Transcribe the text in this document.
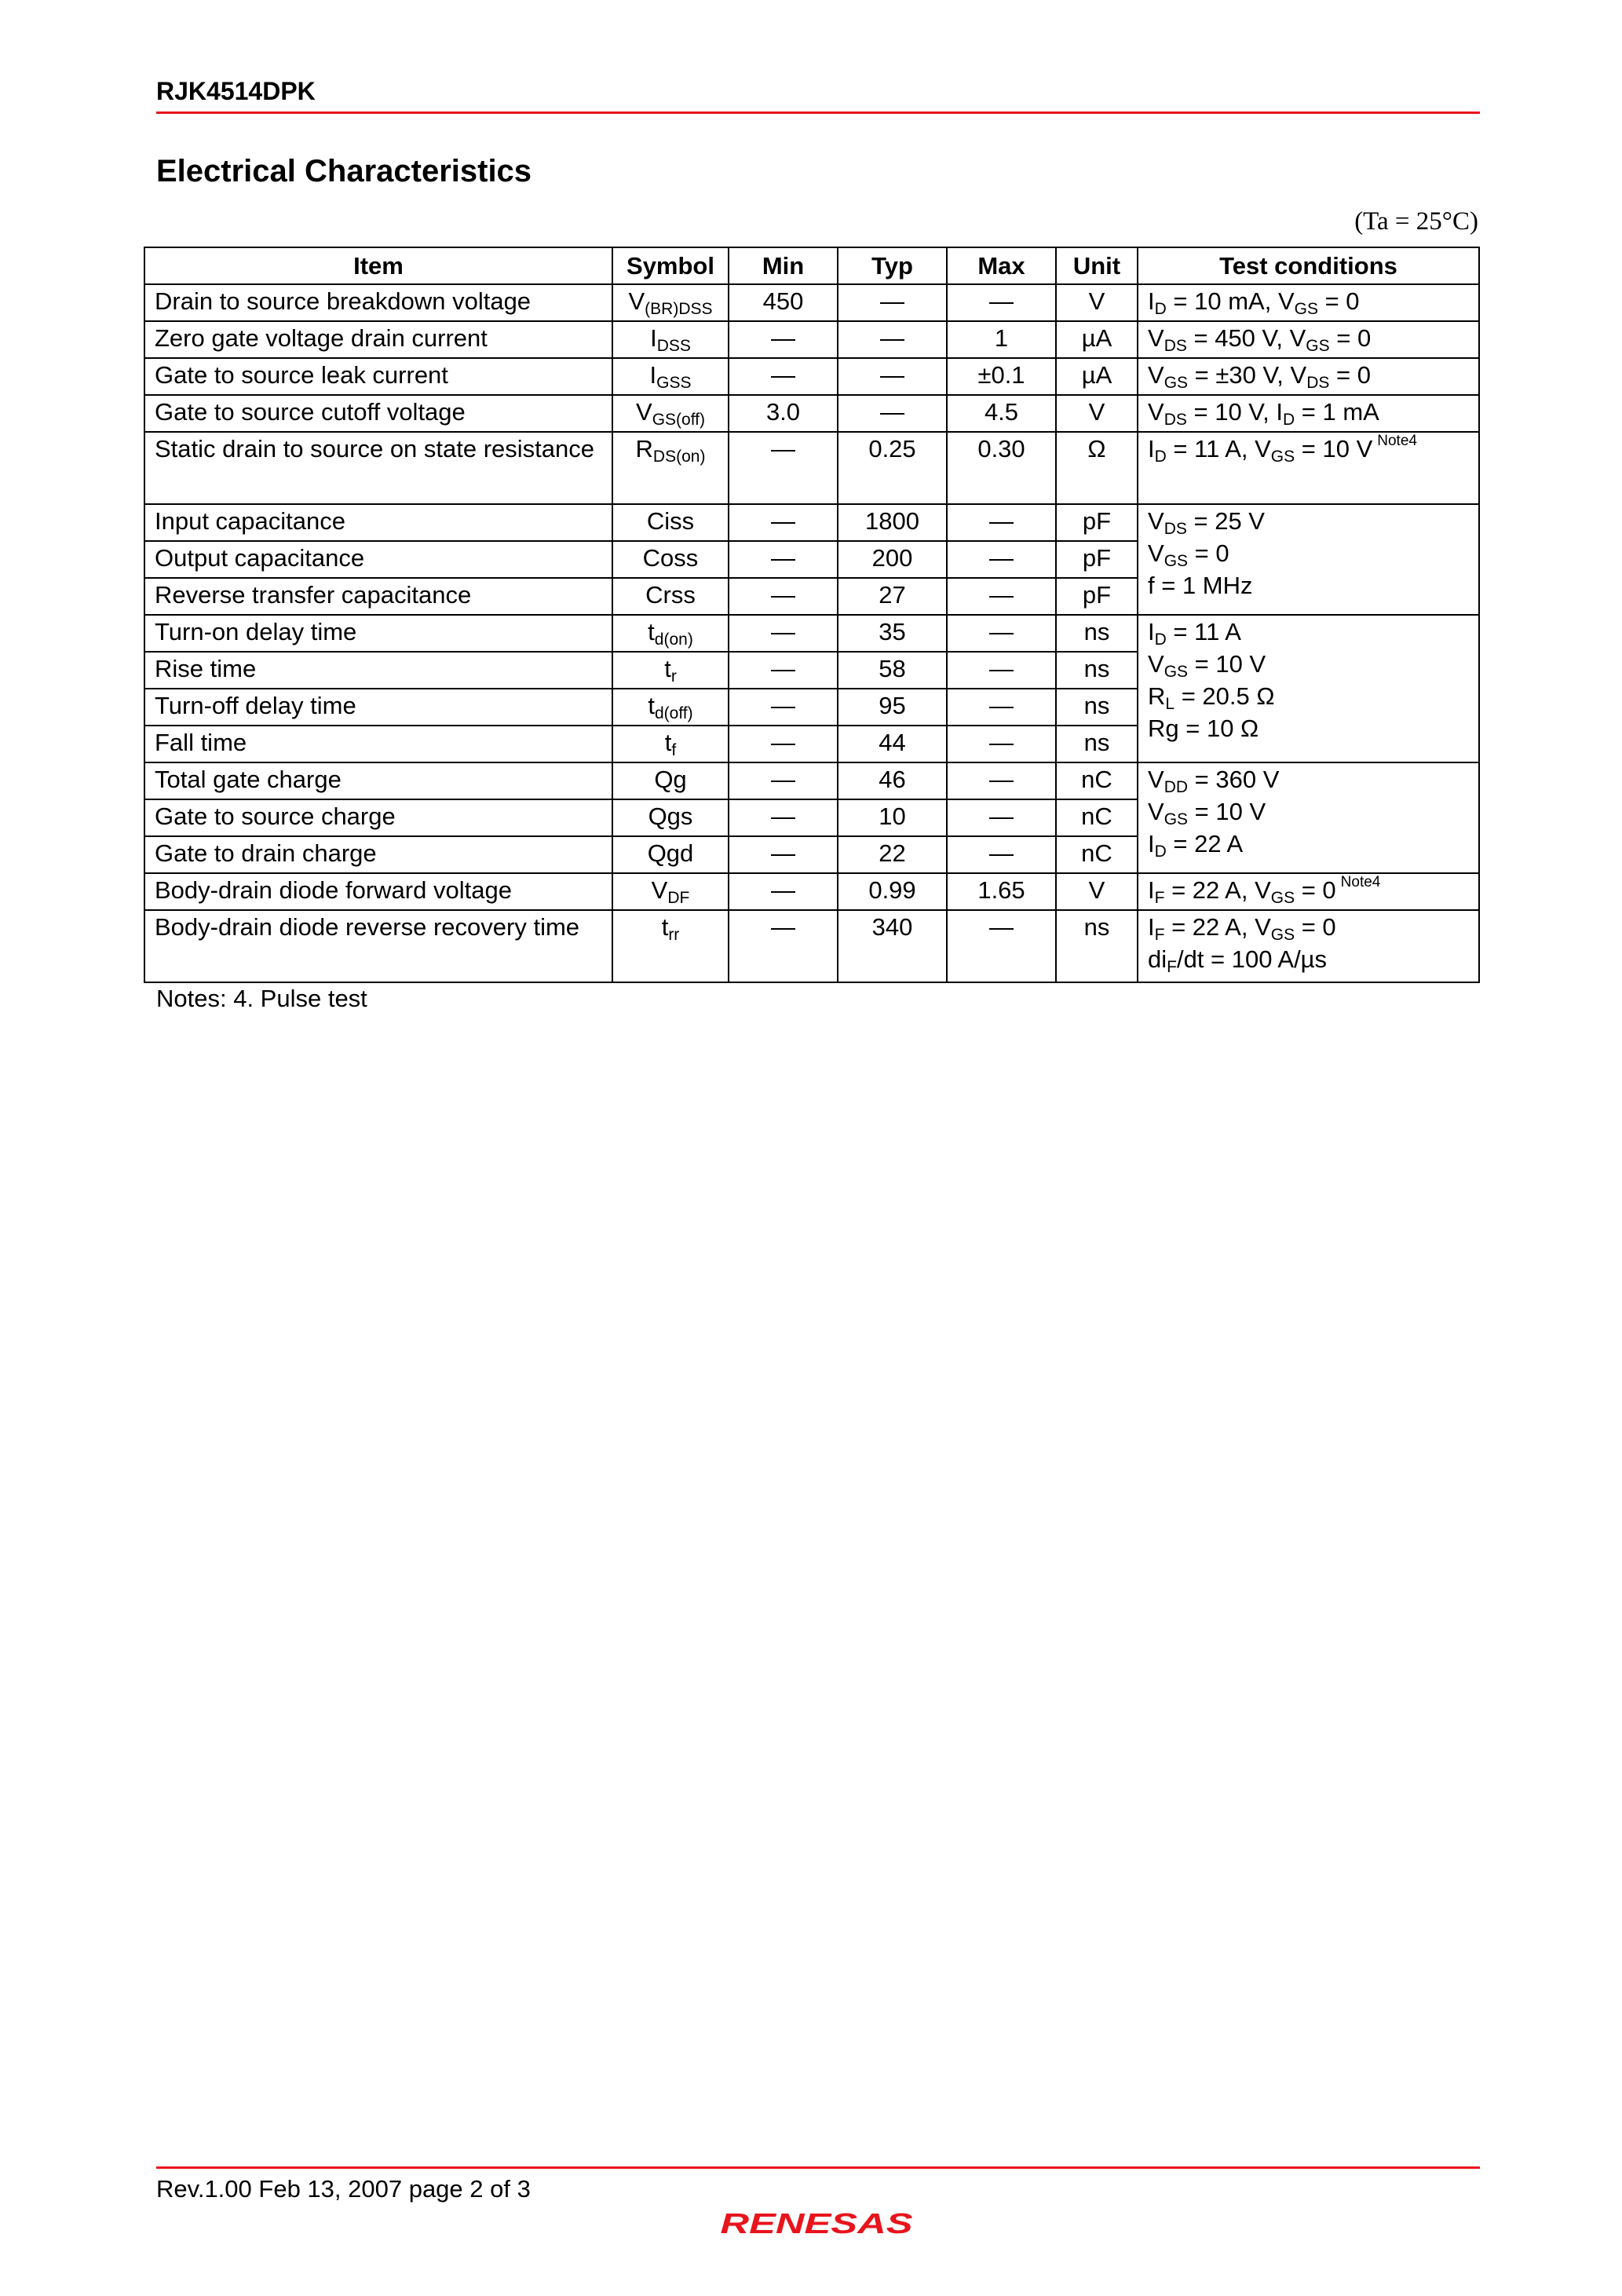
RJK4514DPK
Electrical Characteristics
(Ta = 25°C)
Item	Symbol	Min	Typ	Max	Unit	Test conditions
Drain to source breakdown voltage	$V_{(BR)DSS}$	450	—	—	V	$I_D = 10$ mA, $V_{GS} = 0$
Zero gate voltage drain current	$I_{DSS}$	—	—	1	µA	$V_{DS} = 450$ V, $V_{GS} = 0$
Gate to source leak current	$I_{GSS}$	—	—	±0.1	µA	$V_{GS} = \pm 30$ V, $V_{DS} = 0$
Gate to source cutoff voltage	$V_{GS(off)}$	3.0	—	4.5	V	$V_{DS} = 10$ V, $I_D = 1$ mA
Static drain to source on state resistance	$R_{DS(on)}$	—	0.25	0.30	Ω	$I_D = 11$ A, $V_{GS} = 10$ V $^{Note4}$
Input capacitance	Ciss	—	1800	—	pF	$V_{DS} = 25$ V
$V_{GS} = 0$
f = 1 MHz

Output capacitance	Coss	—	200	—	pF	
Reverse transfer capacitance	Crss	—	27	—	pF	
Turn-on delay time	$t_{d(on)}$	—	35	—	ns	$I_D = 11$ A
$V_{GS} = 10$ V
$R_L = 20.5$ Ω
Rg = 10 Ω

Rise time	$t_r$	—	58	—	ns	
Turn-off delay time	$t_{d(off)}$	—	95	—	ns	
Fall time	$t_f$	—	44	—	ns	
Total gate charge	Qg	—	46	—	nC	$V_{DD} = 360$ V
$V_{GS} = 10$ V
$I_D = 22$ A

Gate to source charge	Qgs	—	10	—	nC	
Gate to drain charge	Qgd	—	22	—	nC	
Body-drain diode forward voltage	$V_{DF}$	—	0.99	1.65	V	$I_F = 22$ A, $V_{GS} = 0$ $^{Note4}$
Body-drain diode reverse recovery time	$t_{rr}$	—	340	—	ns	$I_F = 22$ A, $V_{GS} = 0$
$di_F/dt = 100$ A/µs
Notes: 4. Pulse test
Rev.1.00 Feb 13, 2007 page 2 of 3
RENESAS
